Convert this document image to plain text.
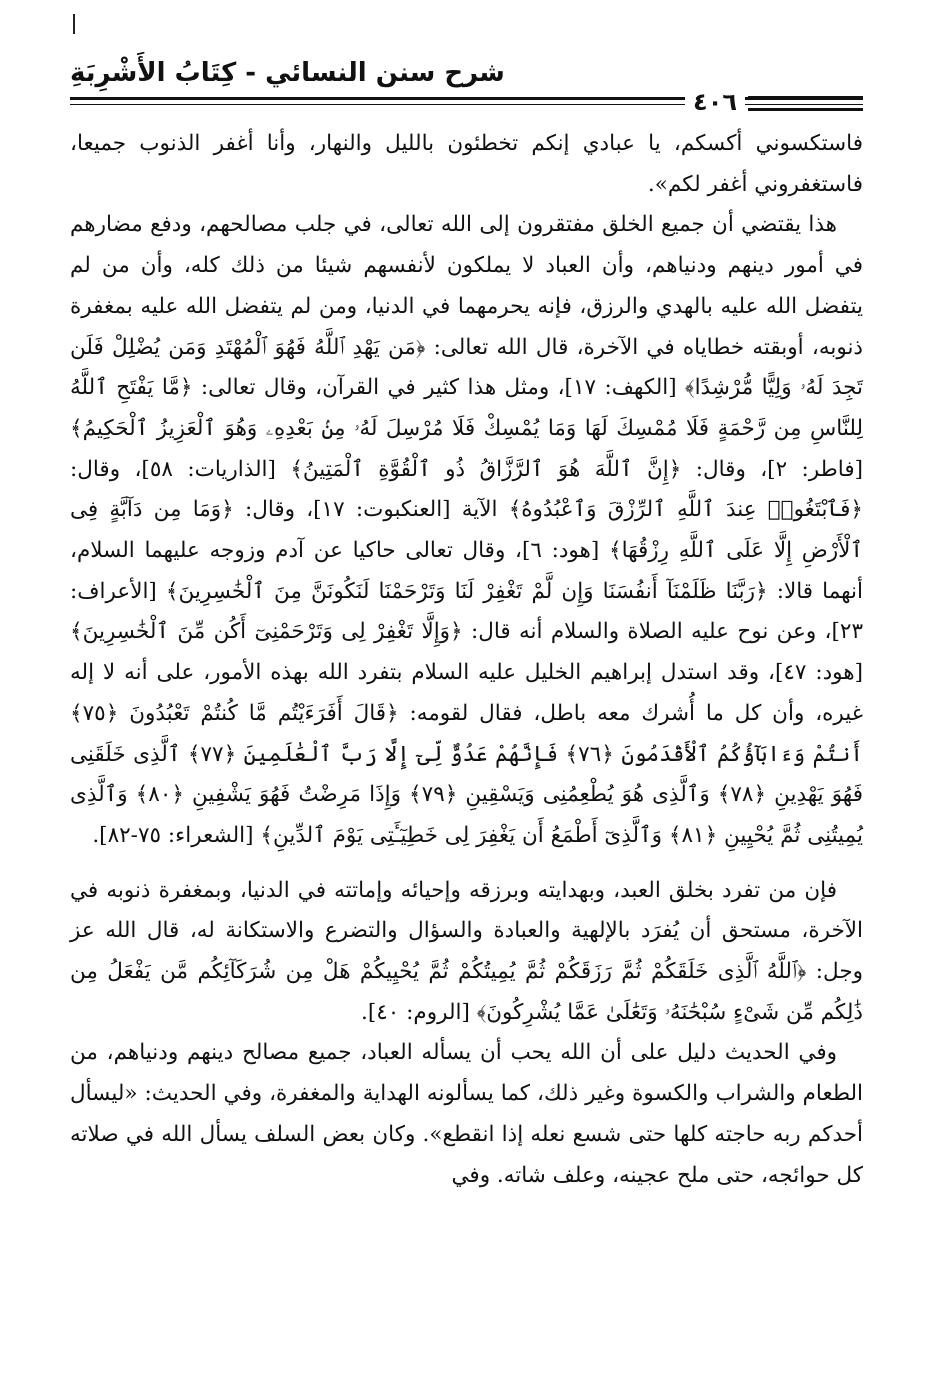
شرح سنن النسائي - كِتَابُ الأَشْرِبَةِ
٤٠٦

فاستكسوني أكسكم، يا عبادي إنكم تخطئون بالليل والنهار، وأنا أغفر الذنوب جميعا، فاستغفروني أغفر لكم».

هذا يقتضي أن جميع الخلق مفتقرون إلى الله تعالى، في جلب مصالحهم، ودفع مضارهم في أمور دينهم ودنياهم، وأن العباد لا يملكون لأنفسهم شيئا من ذلك كله، وأن من لم يتفضل الله عليه بالهدي والرزق، فإنه يحرمهما في الدنيا، ومن لم يتفضل الله عليه بمغفرة ذنوبه، أوبقته خطاياه في الآخرة، قال الله تعالى: ﴿مَن يَهْدِ ٱللَّهُ فَهُوَ ٱلْمُهْتَدِ وَمَن يُضْلِلْ فَلَن تَجِدَ لَهُۥ وَلِيًّا مُّرْشِدًا﴾ [الكهف: ١٧]، ومثل هذا كثير في القرآن، وقال تعالى: ﴿مَّا يَفْتَحِ ٱللَّهُ لِلنَّاسِ مِن رَّحْمَةٍ فَلَا مُمْسِكَ لَهَا وَمَا يُمْسِكْ فَلَا مُرْسِلَ لَهُۥ مِنۢ بَعْدِهِۦ وَهُوَ ٱلْعَزِيزُ ٱلْحَكِيمُ﴾ [فاطر: ٢]، وقال: ﴿إِنَّ ٱللَّهَ هُوَ ٱلرَّزَّاقُ ذُو ٱلْقُوَّةِ ٱلْمَتِينُ﴾ [الذاريات: ٥٨]، وقال: ﴿فَٱبْتَغُوا۟ عِندَ ٱللَّهِ ٱلرِّزْقَ وَٱعْبُدُوهُ﴾ الآية [العنكبوت: ١٧]، وقال: ﴿وَمَا مِن دَآبَّةٍ فِى ٱلْأَرْضِ إِلَّا عَلَى ٱللَّهِ رِزْقُهَا﴾ [هود: ٦]، وقال تعالى حاكيا عن آدم وزوجه عليهما السلام، أنهما قالا: ﴿رَبَّنَا ظَلَمْنَآ أَنفُسَنَا وَإِن لَّمْ تَغْفِرْ لَنَا وَتَرْحَمْنَا لَنَكُونَنَّ مِنَ ٱلْخَٰسِرِينَ﴾ [الأعراف: ٢٣]، وعن نوح عليه الصلاة والسلام أنه قال: ﴿وَإِلَّا تَغْفِرْ لِى وَتَرْحَمْنِىٓ أَكُن مِّنَ ٱلْخَٰسِرِينَ﴾ [هود: ٤٧]، وقد استدل إبراهيم الخليل عليه السلام بتفرد الله بهذه الأمور، على أنه لا إله غيره، وأن كل ما أُشرك معه باطل، فقال لقومه: ﴿قَالَ أَفَرَءَيْتُم مَّا كُنتُمْ تَعْبُدُونَ ﴿٧٥﴾ أَنتُمْ وَءَابَآؤُكُمُ ٱلْأَقْدَمُونَ ﴿٧٦﴾ فَإِنَّهُمْ عَدُوٌّ لِّىٓ إِلَّا رَبَّ ٱلْعَٰلَمِينَ ﴿٧٧﴾ ٱلَّذِى خَلَقَنِى فَهُوَ يَهْدِينِ ﴿٧٨﴾ وَٱلَّذِى هُوَ يُطْعِمُنِى وَيَسْقِينِ ﴿٧٩﴾ وَإِذَا مَرِضْتُ فَهُوَ يَشْفِينِ ﴿٨٠﴾ وَٱلَّذِى يُمِيتُنِى ثُمَّ يُحْيِينِ ﴿٨١﴾ وَٱلَّذِىٓ أَطْمَعُ أَن يَغْفِرَ لِى خَطِيٓـَٔتِى يَوْمَ ٱلدِّينِ﴾ [الشعراء: ٧٥-٨٢].

فإن من تفرد بخلق العبد، وبهدايته وبرزقه وإحيائه وإماتته في الدنيا، وبمغفرة ذنوبه في الآخرة، مستحق أن يُفرَد بالإلهية والعبادة والسؤال والتضرع والاستكانة له، قال الله عز وجل: ﴿ٱللَّهُ ٱلَّذِى خَلَقَكُمْ ثُمَّ رَزَقَكُمْ ثُمَّ يُمِيتُكُمْ ثُمَّ يُحْيِيكُمْ هَلْ مِن شُرَكَآئِكُم مَّن يَفْعَلُ مِن ذَٰلِكُم مِّن شَىْءٍ سُبْحَٰنَهُۥ وَتَعَٰلَىٰ عَمَّا يُشْرِكُونَ﴾ [الروم: ٤٠].

وفي الحديث دليل على أن الله يحب أن يسأله العباد، جميع مصالح دينهم ودنياهم، من الطعام والشراب والكسوة وغير ذلك، كما يسألونه الهداية والمغفرة، وفي الحديث: «ليسأل أحدكم ربه حاجته كلها حتى شسع نعله إذا انقطع». وكان بعض السلف يسأل الله في صلاته كل حوائجه، حتى ملح عجينه، وعلف شاته. وفي
